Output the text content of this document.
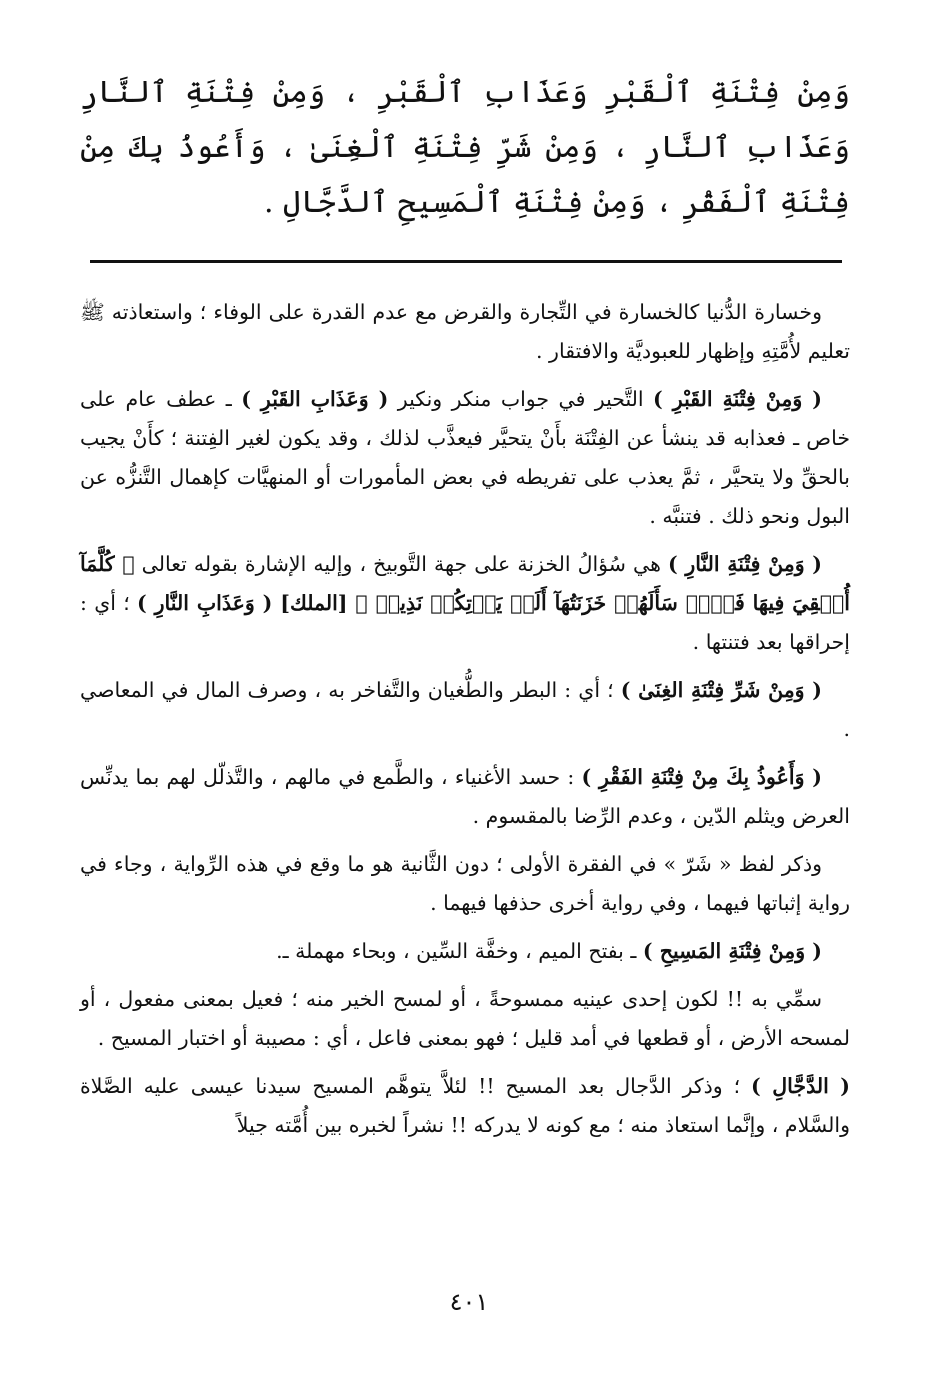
وَمِنْ فِتْنَةِ ٱلْقَبْرِ وَعَذَابِ ٱلْقَبْرِ ، وَمِنْ فِتْنَةِ ٱلنَّارِ وَعَذَابِ ٱلنَّارِ ، وَمِنْ شَرِّ فِتْنَةِ ٱلْغِنَىٰ ، وَأَعُوذُ بِكَ مِنْ فِتْنَةِ ٱلْفَقْرِ ، وَمِنْ فِتْنَةِ ٱلْمَسِيحِ ٱلدَّجَّالِ .

وخسارة الدُّنيا كالخسارة في التِّجارة والقرض مع عدم القدرة على الوفاء ؛ واستعاذته ﷺ تعليم لأُمَّتِهِ وإظهار للعبوديَّة والافتقار .

( وَمِنْ فِتْنَةِ القَبْرِ ) التَّحير في جواب منكر ونكير ( وَعَذَابِ القَبْرِ ) ـ عطف عام على خاص ـ فعذابه قد ينشأ عن الفِتْنَة بأَنْ يتحيَّر فيعذَّب لذلك ، وقد يكون لغير الفِتنة ؛ كأَنْ يجيب بالحقِّ ولا يتحيَّر ، ثمَّ يعذب على تفريطه في بعض المأمورات أو المنهيَّات كإهمال التَّنزُّه عن البول ونحو ذلك . فتنبَّه .

( وَمِنْ فِتْنَةِ النَّارِ ) هي سُؤالُ الخزنة على جهة التَّوبيخ ، وإليه الإشارة بقوله تعالى ﴿ كُلَّمَآ أُلۡقِيَ فِيهَا فَوۡجٞ سَأَلَهُمۡ خَزَنَتُهَآ أَلَمۡ يَأۡتِكُمۡ نَذِيرٞ ﴾ [الملك] ( وَعَذَابِ النَّارِ ) ؛ أي : إحراقها بعد فتنتها .

( وَمِنْ شَرِّ فِتْنَةِ الغِنَىٰ ) ؛ أي : البطر والطُّغيان والتَّفاخر به ، وصرف المال في المعاصي .

( وَأَعُوذُ بِكَ مِنْ فِتْنَةِ الفَقْرِ ) : حسد الأغنياء ، والطَّمع في مالهم ، والتَّذلّل لهم بما يدنِّس العرض ويثلم الدّين ، وعدم الرِّضا بالمقسوم .

وذكر لفظ « شَرّ » في الفقرة الأولى ؛ دون الثَّانية هو ما وقع في هذه الرِّواية ، وجاء في رواية إثباتها فيهما ، وفي رواية أخرى حذفها فيهما .

( وَمِنْ فِتْنَةِ المَسِيحِ ) ـ بفتح الميم ، وخفَّة السِّين ، وبحاء مهملة ـ.

سمِّي به !! لكون إحدى عينيه ممسوحةً ، أو لمسح الخير منه ؛ فعيل بمعنى مفعول ، أو لمسحه الأرض ، أو قطعها في أمد قليل ؛ فهو بمعنى فاعل ، أي : مصيبة أو اختبار المسيح .

( الدَّجَّالِ ) ؛ وذكر الدَّجال بعد المسيح !! لئلاَّ يتوهَّم المسيح سيدنا عيسى عليه الصَّلاة والسَّلام ، وإنَّما استعاذ منه ؛ مع كونه لا يدركه !! نشراً لخبره بين أُمَّته جيلاً

٤٠١
